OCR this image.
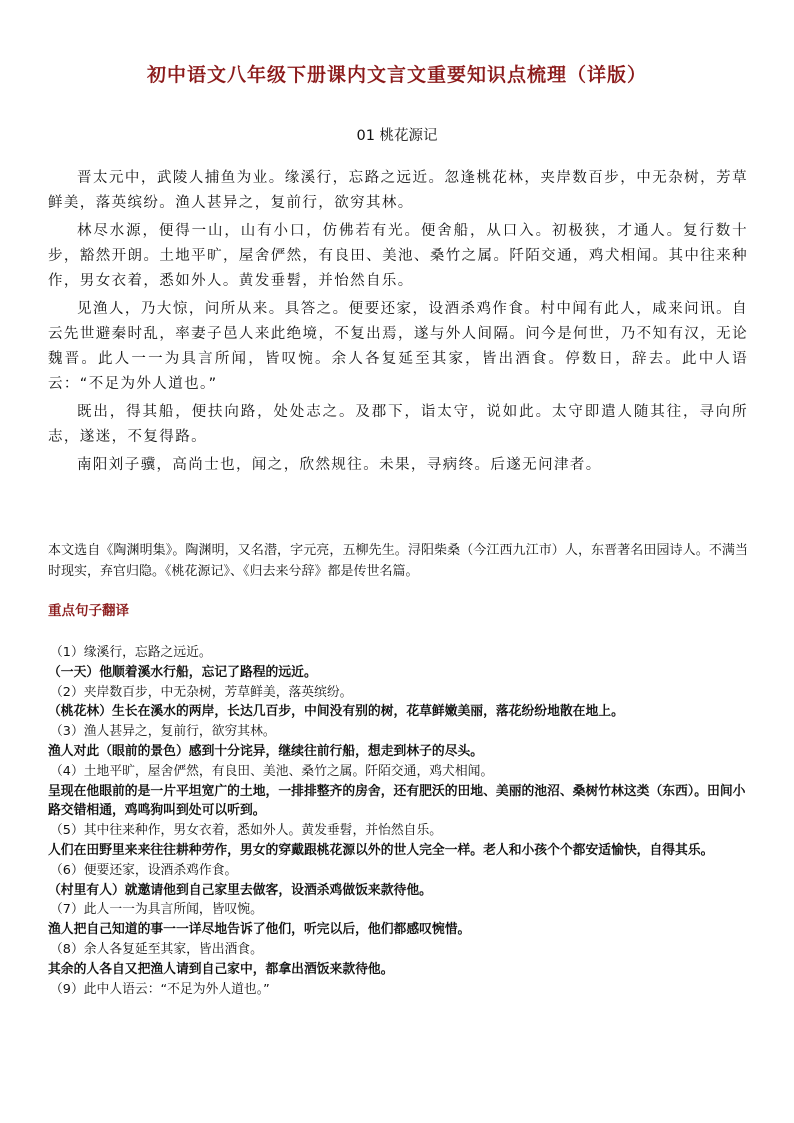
初中语文八年级下册课内文言文重要知识点梳理（详版）
01 桃花源记

晋太元中，武陵人捕鱼为业。缘溪行，忘路之远近。忽逢桃花林，夹岸数百步，中无杂树，芳草鲜美，落英缤纷。渔人甚异之，复前行，欲穷其林。

林尽水源，便得一山，山有小口，仿佛若有光。便舍船，从口入。初极狭，才通人。复行数十步，豁然开朗。土地平旷，屋舍俨然，有良田、美池、桑竹之属。阡陌交通，鸡犬相闻。其中往来种作，男女衣着，悉如外人。黄发垂髫，并怡然自乐。

见渔人，乃大惊，问所从来。具答之。便要还家，设酒杀鸡作食。村中闻有此人，咸来问讯。自云先世避秦时乱，率妻子邑人来此绝境，不复出焉，遂与外人间隔。问今是何世，乃不知有汉，无论魏晋。此人一一为具言所闻，皆叹惋。余人各复延至其家，皆出酒食。停数日，辞去。此中人语云：“不足为外人道也。”

既出，得其船，便扶向路，处处志之。及郡下，诣太守，说如此。太守即遣人随其往，寻向所志，遂迷，不复得路。

南阳刘子骥，高尚士也，闻之，欣然规往。未果，寻病终。后遂无问津者。

本文选自《陶渊明集》。陶渊明，又名潜，字元亮，五柳先生。浔阳柴桑（今江西九江市）人，东晋著名田园诗人。不满当时现实，弃官归隐。《桃花源记》、《归去来兮辞》都是传世名篇。
重点句子翻译
（1）缘溪行，忘路之远近。
（一天）他顺着溪水行船，忘记了路程的远近。
（2）夹岸数百步，中无杂树，芳草鲜美，落英缤纷。
（桃花林）生长在溪水的两岸，长达几百步，中间没有别的树，花草鲜嫩美丽，落花纷纷地散在地上。
（3）渔人甚异之，复前行，欲穷其林。
渔人对此（眼前的景色）感到十分诧异，继续往前行船，想走到林子的尽头。
（4）土地平旷，屋舍俨然，有良田、美池、桑竹之属。阡陌交通，鸡犬相闻。
呈现在他眼前的是一片平坦宽广的土地，一排排整齐的房舍，还有肥沃的田地、美丽的池沼、桑树竹林这类（东西）。田间小路交错相通，鸡鸣狗叫到处可以听到。
（5）其中往来种作，男女衣着，悉如外人。黄发垂髫，并怡然自乐。
人们在田野里来来往往耕种劳作，男女的穿戴跟桃花源以外的世人完全一样。老人和小孩个个都安适愉快，自得其乐。
（6）便要还家，设酒杀鸡作食。
（村里有人）就邀请他到自己家里去做客，设酒杀鸡做饭来款待他。
（7）此人一一为具言所闻，皆叹惋。
渔人把自己知道的事一一详尽地告诉了他们，听完以后，他们都感叹惋惜。
（8）余人各复延至其家，皆出酒食。
其余的人各自又把渔人请到自己家中，都拿出酒饭来款待他。
（9）此中人语云：“不足为外人道也。”
